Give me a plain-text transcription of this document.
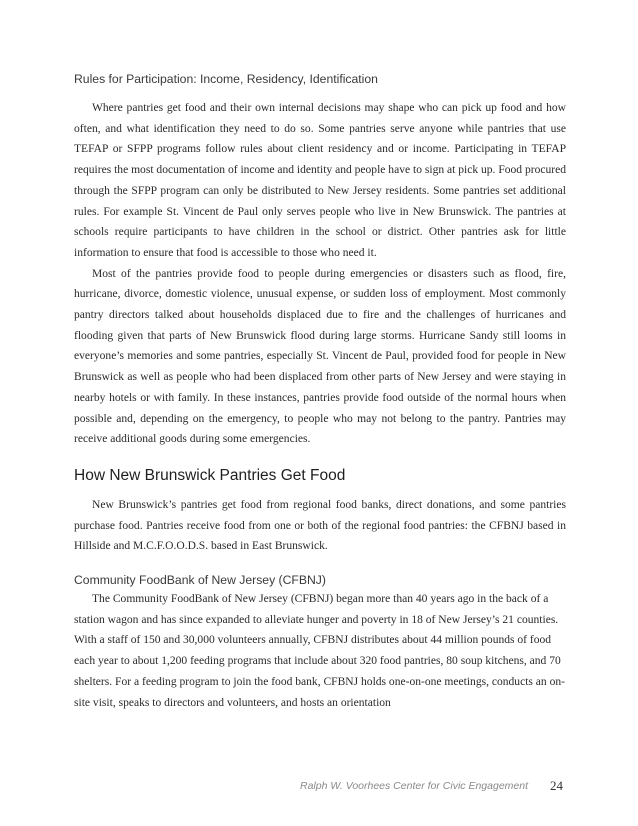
Rules for Participation: Income, Residency, Identification

Where pantries get food and their own internal decisions may shape who can pick up food and how often, and what identification they need to do so. Some pantries serve anyone while pantries that use TEFAP or SFPP programs follow rules about client residency and or income. Participating in TEFAP requires the most documentation of income and identity and people have to sign at pick up. Food procured through the SFPP program can only be distributed to New Jersey residents. Some pantries set additional rules. For example St. Vincent de Paul only serves people who live in New Brunswick. The pantries at schools require participants to have children in the school or district. Other pantries ask for little information to ensure that food is accessible to those who need it.

Most of the pantries provide food to people during emergencies or disasters such as flood, fire, hurricane, divorce, domestic violence, unusual expense, or sudden loss of employment. Most commonly pantry directors talked about households displaced due to fire and the challenges of hurricanes and flooding given that parts of New Brunswick flood during large storms. Hurricane Sandy still looms in everyone’s memories and some pantries, especially St. Vincent de Paul, provided food for people in New Brunswick as well as people who had been displaced from other parts of New Jersey and were staying in nearby hotels or with family. In these instances, pantries provide food outside of the normal hours when possible and, depending on the emergency, to people who may not belong to the pantry. Pantries may receive additional goods during some emergencies.

How New Brunswick Pantries Get Food

New Brunswick’s pantries get food from regional food banks, direct donations, and some pantries purchase food. Pantries receive food from one or both of the regional food pantries: the CFBNJ based in Hillside and M.C.F.O.O.D.S. based in East Brunswick.

Community FoodBank of New Jersey (CFBNJ)

The Community FoodBank of New Jersey (CFBNJ) began more than 40 years ago in the back of a station wagon and has since expanded to alleviate hunger and poverty in 18 of New Jersey’s 21 counties. With a staff of 150 and 30,000 volunteers annually, CFBNJ distributes about 44 million pounds of food each year to about 1,200 feeding programs that include about 320 food pantries, 80 soup kitchens, and 70 shelters. For a feeding program to join the food bank, CFBNJ holds one-on-one meetings, conducts an on-site visit, speaks to directors and volunteers, and hosts an orientation

Ralph W. Voorhees Center for Civic Engagement 24
